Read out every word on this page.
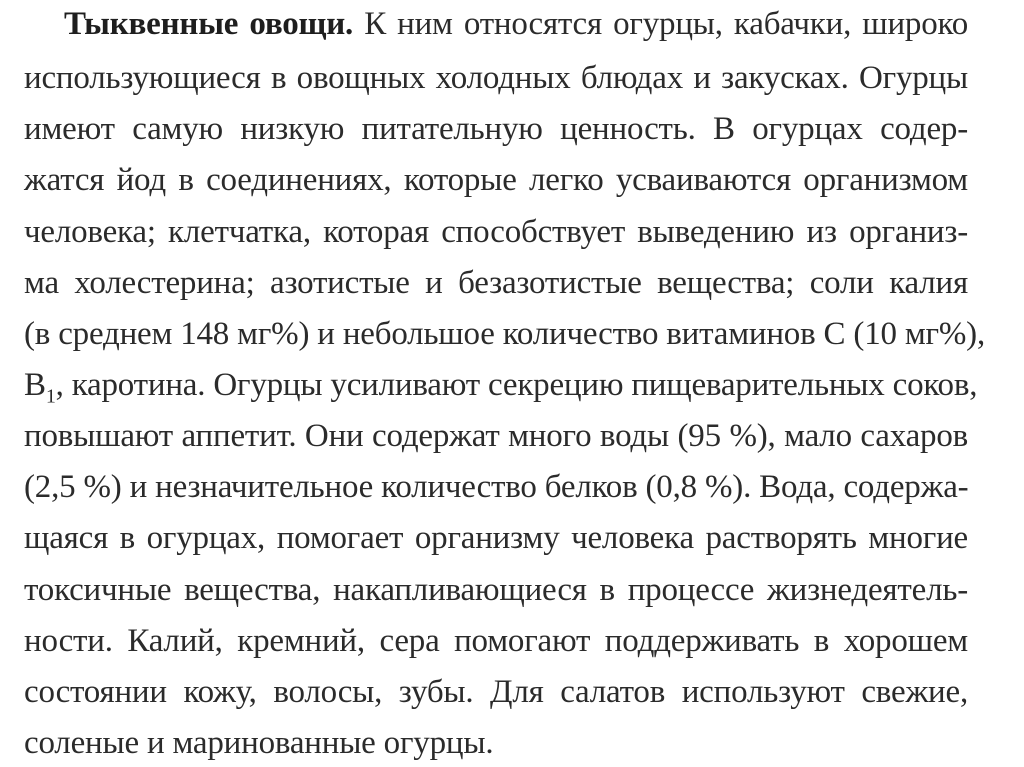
Тыквенные овощи. К ним относятся огурцы, кабачки, широко
использующиеся в овощных холодных блюдах и закусках. Огурцы
имеют самую низкую питательную ценность. В огурцах содер-
жатся йод в соединениях, которые легко усваиваются организмом
человека; клетчатка, которая способствует выведению из организ-
ма холестерина; азотистые и безазотистые вещества; соли калия
(в среднем 148 мг%) и небольшое количество витаминов С (10 мг%),
$В_1$, каротина. Огурцы усиливают секрецию пищеварительных соков,
повышают аппетит. Они содержат много воды (95 %), мало сахаров
(2,5 %) и незначительное количество белков (0,8 %). Вода, содержа-
щаяся в огурцах, помогает организму человека растворять многие
токсичные вещества, накапливающиеся в процессе жизнедеятель-
ности. Калий, кремний, сера помогают поддерживать в хорошем
состоянии кожу, волосы, зубы. Для салатов используют свежие,
соленые и маринованные огурцы.
